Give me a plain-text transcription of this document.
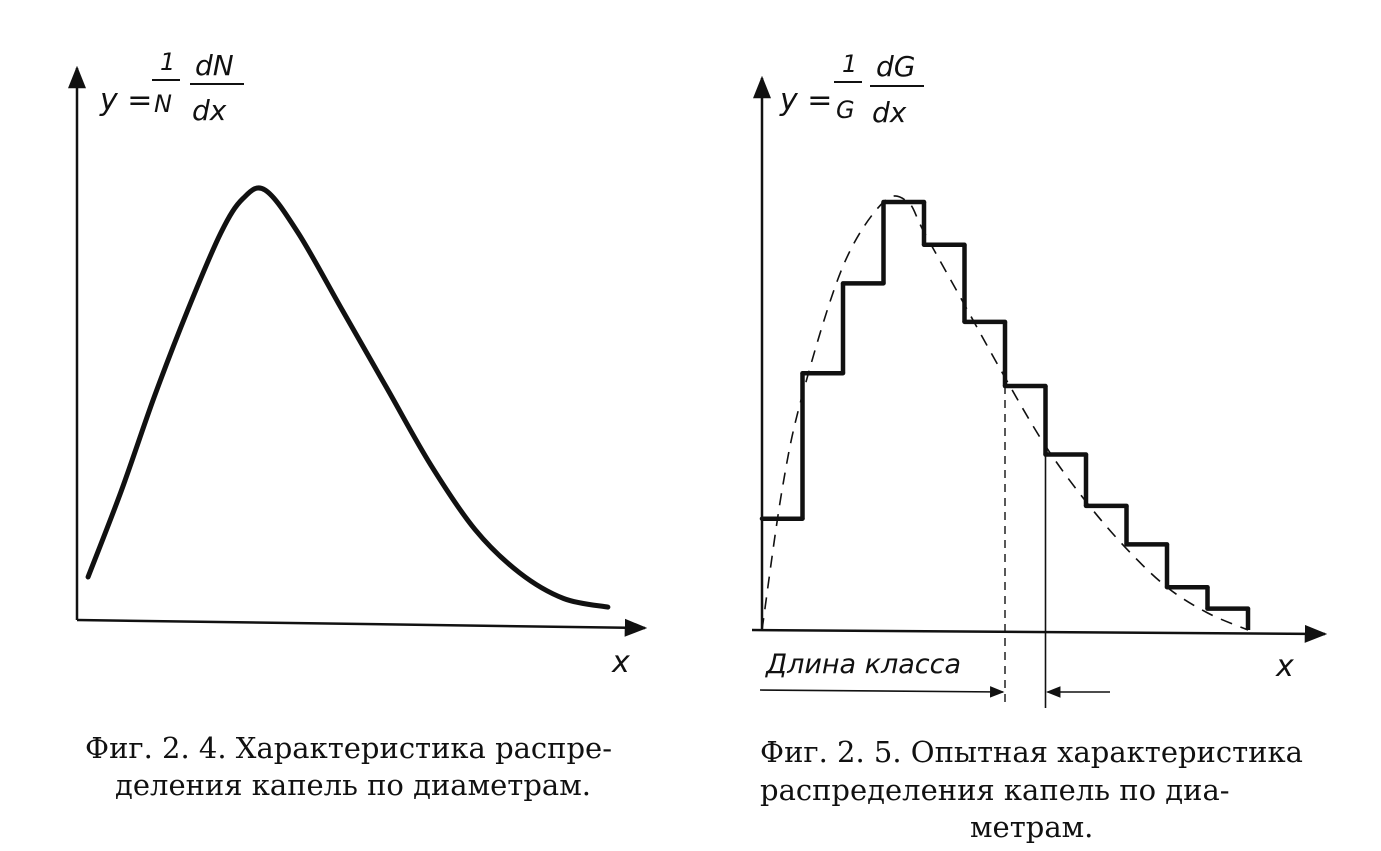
y =
1
N
dN
dx
x
Фиг. 2. 4. Характеристика распре- деления капель по диаметрам.
y =
1
G
dG
dx
x
Длина класса
Фиг. 2. 5. Опытная характеристика распределения капель по диа- метрам.
